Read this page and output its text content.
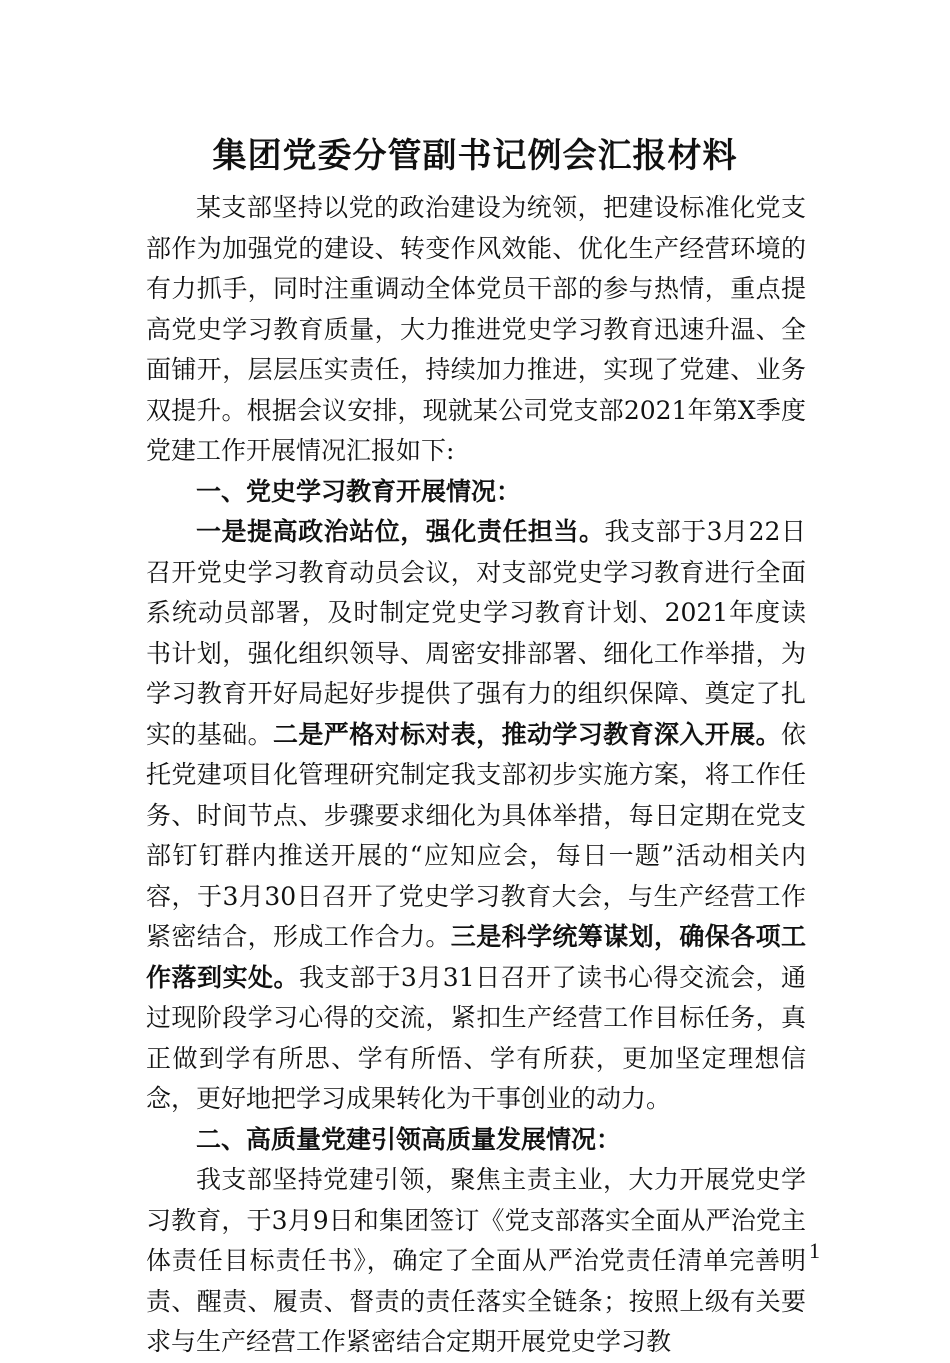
集团党委分管副书记例会汇报材料

某支部坚持以党的政治建设为统领，把建设标准化党支部作为加强党的建设、转变作风效能、优化生产经营环境的有力抓手，同时注重调动全体党员干部的参与热情，重点提高党史学习教育质量，大力推进党史学习教育迅速升温、全面铺开，层层压实责任，持续加力推进，实现了党建、业务双提升。根据会议安排，现就某公司党支部2021年第X季度党建工作开展情况汇报如下:

一、党史学习教育开展情况：

一是提高政治站位，强化责任担当。我支部于3月22日召开党史学习教育动员会议，对支部党史学习教育进行全面系统动员部署，及时制定党史学习教育计划、2021年度读书计划，强化组织领导、周密安排部署、细化工作举措，为学习教育开好局起好步提供了强有力的组织保障、奠定了扎实的基础。二是严格对标对表，推动学习教育深入开展。依托党建项目化管理研究制定我支部初步实施方案，将工作任务、时间节点、步骤要求细化为具体举措，每日定期在党支部钉钉群内推送开展的“应知应会，每日一题”活动相关内容，于3月30日召开了党史学习教育大会，与生产经营工作紧密结合，形成工作合力。三是科学统筹谋划，确保各项工作落到实处。我支部于3月31日召开了读书心得交流会，通过现阶段学习心得的交流，紧扣生产经营工作目标任务，真正做到学有所思、学有所悟、学有所获，更加坚定理想信念，更好地把学习成果转化为干事创业的动力。

二、高质量党建引领高质量发展情况：

我支部坚持党建引领，聚焦主责主业，大力开展党史学习教育，于3月9日和集团签订《党支部落实全面从严治党主体责任目标责任书》，确定了全面从严治党责任清单完善明责、醒责、履责、督责的责任落实全链条；按照上级有关要求与生产经营工作紧密结合定期开展党史学习教

1
